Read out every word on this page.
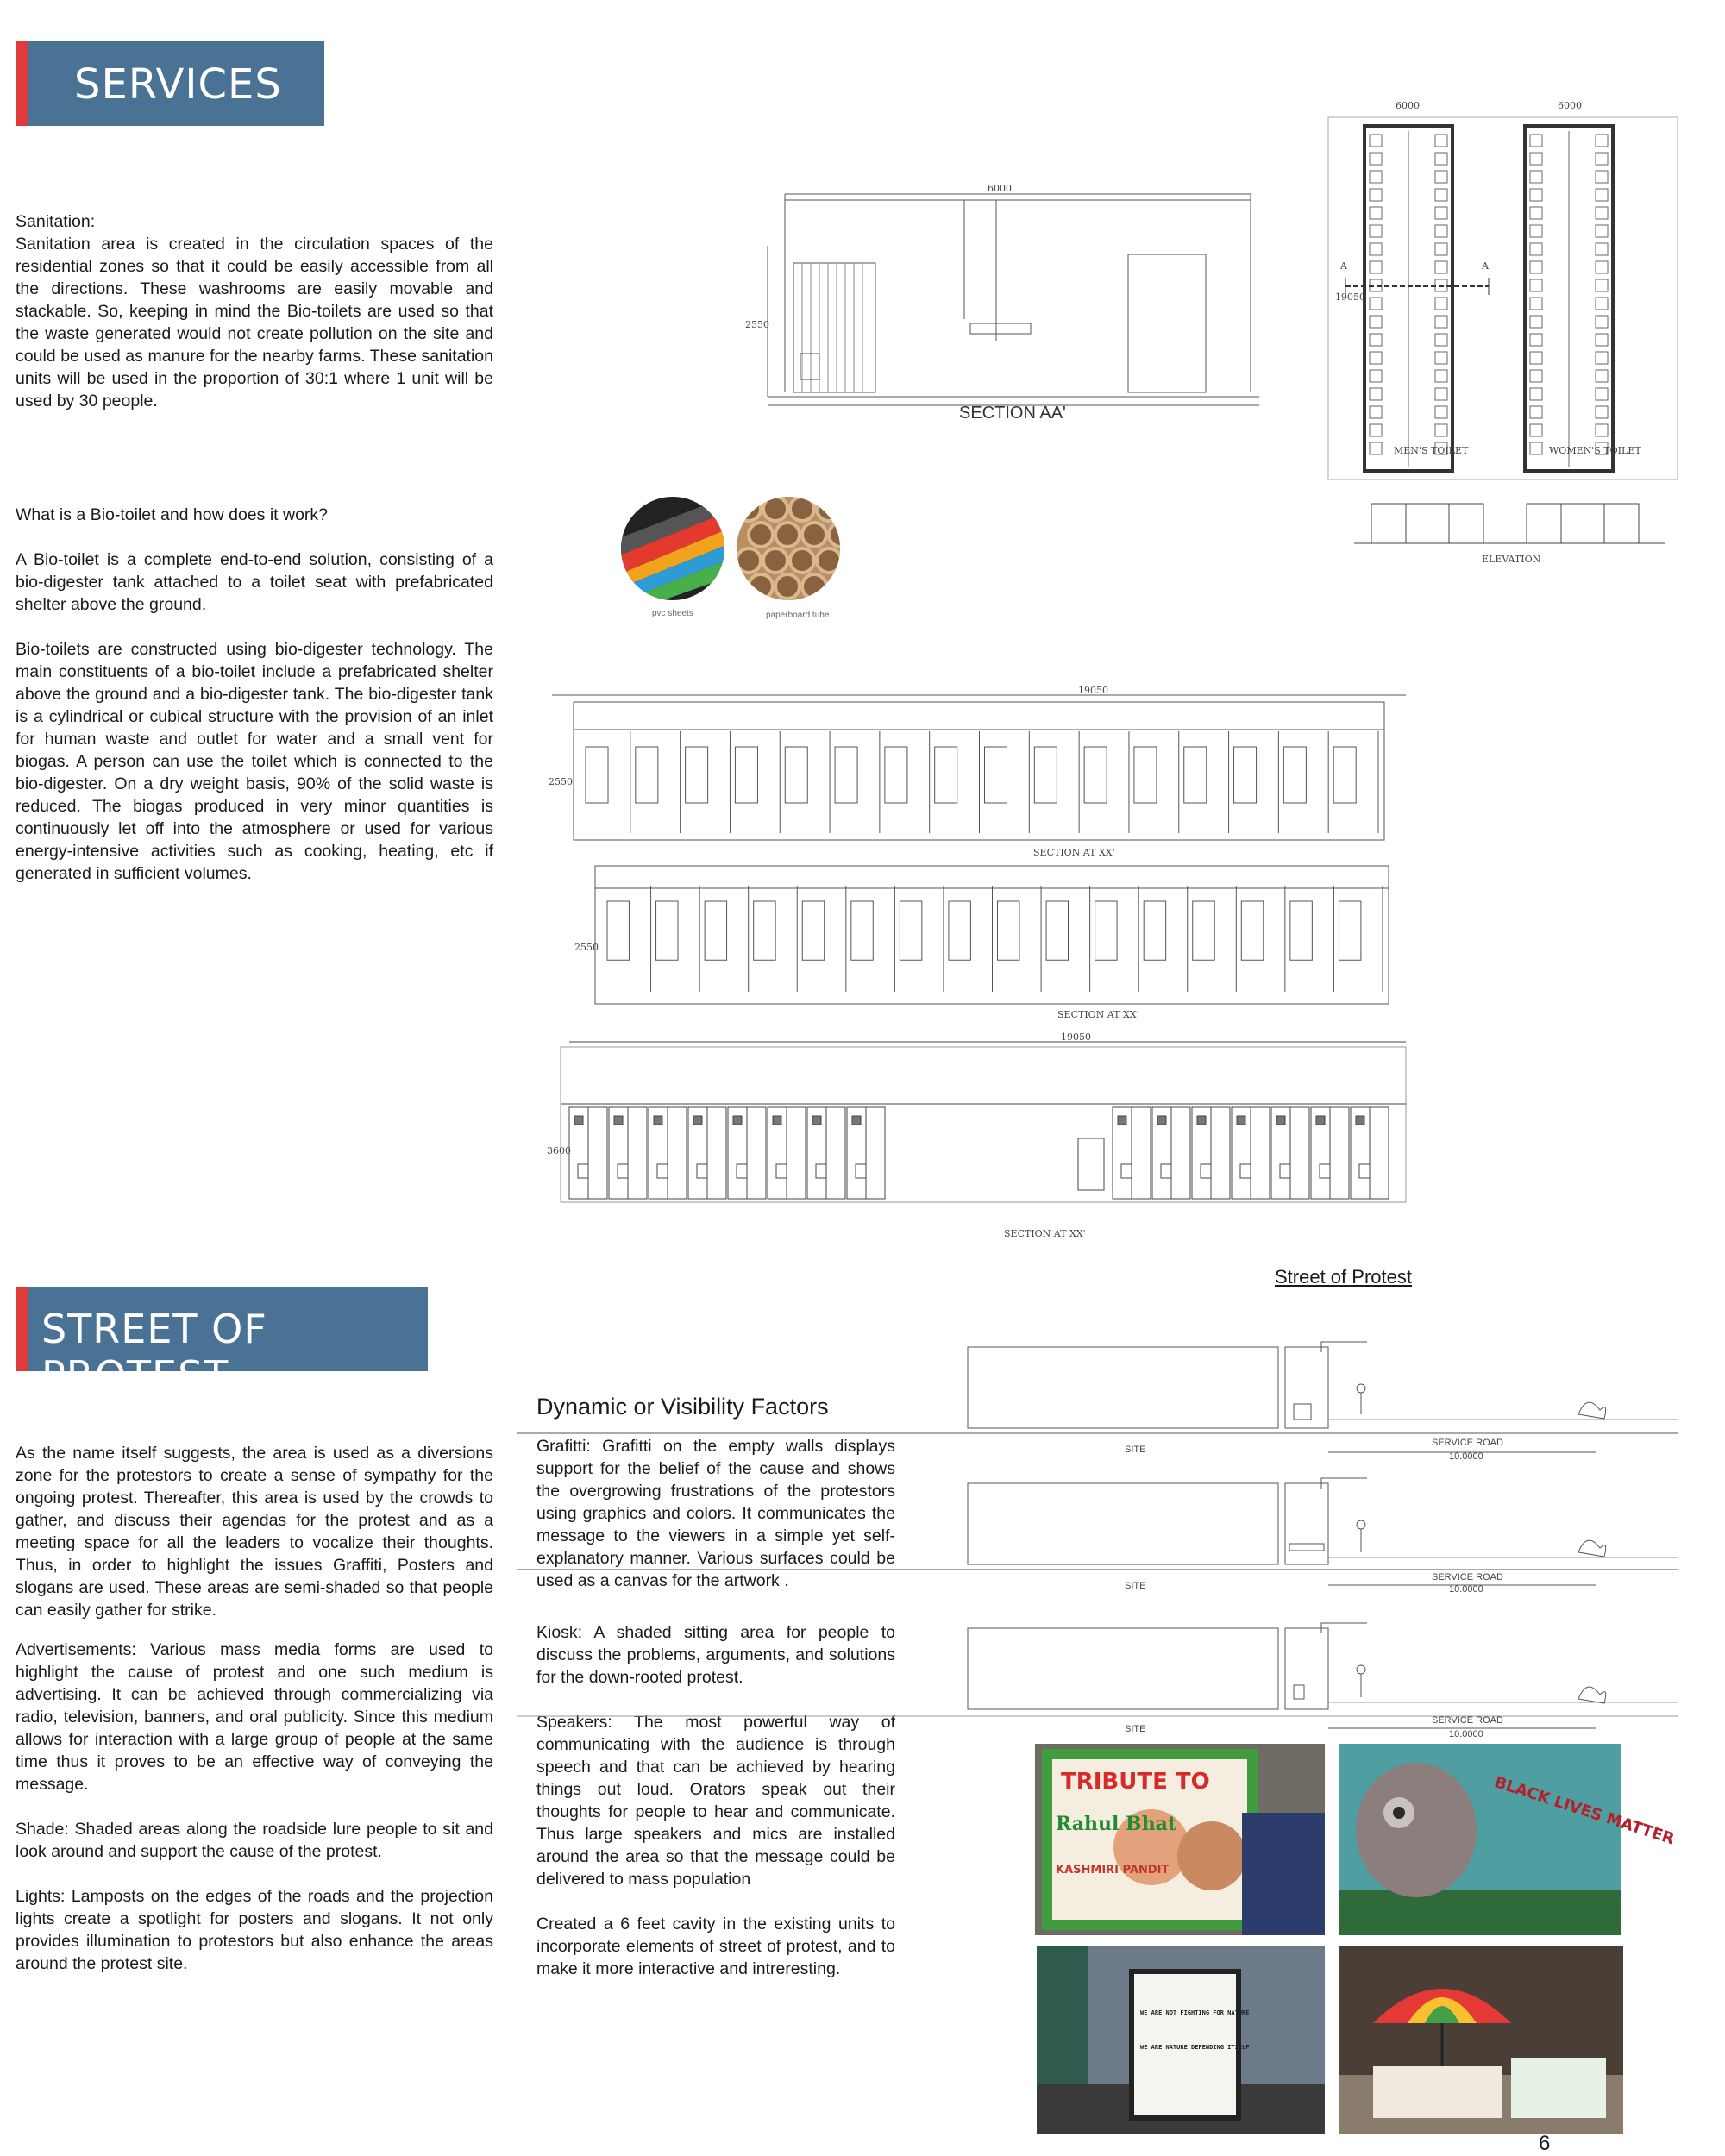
SERVICES
Sanitation:
Sanitation area is created in the circulation spaces of the residential zones so that it could be easily accessible from all the directions. These washrooms are easily movable and stackable. So, keeping in mind the Bio-toilets are used so that the waste generated would not create pollution on the site and could be used as manure for the nearby farms. These sanitation units will be used in the proportion of 30:1 where 1 unit will be used by 30 people.

What is a Bio-toilet and how does it work?

A Bio-toilet is a complete end-to-end solution, consisting of a bio-digester tank attached to a toilet seat with prefabricated shelter above the ground.

Bio-toilets are constructed using bio-digester technology. The main constituents of a bio-toilet include a prefabricated shelter above the ground and a bio-digester tank. The bio-digester tank is a cylindrical or cubical structure with the provision of an inlet for human waste and outlet for water and a small vent for biogas. A person can use the toilet which is connected to the bio-digester. On a dry weight basis, 90% of the solid waste is reduced. The biogas produced in very minor quantities is continuously let off into the atmosphere or used for various energy-intensive activities such as cooking, heating, etc if generated in sufficient volumes.

6000
2550
SECTION AA'
6000	6000
19050
A	A'
MEN'S TOILET	WOMEN'S TOILET
ELEVATION
pvc sheets	paperboard tube
19050
2550
SECTION AT XX'
2550
SECTION AT XX'
19050
3600
SECTION AT XX'
STREET OF PROTEST

As the name itself suggests, the area is used as a diversions zone for the protestors to create a sense of sympathy for the ongoing protest. Thereafter, this area is used by the crowds to gather, and discuss their agendas for the protest and as a meeting space for all the leaders to vocalize their thoughts. Thus, in order to highlight the issues Graffiti, Posters and slogans are used. These areas are semi-shaded so that people can easily gather for strike.

Advertisements: Various mass media forms are used to highlight the cause of protest and one such medium is advertising. It can be achieved through commercializing via radio, television, banners, and oral publicity. Since this medium allows for interaction with a large group of people at the same time thus it proves to be an effective way of conveying the message.

Shade: Shaded areas along the roadside lure people to sit and look around and support the cause of the protest.

Lights: Lamposts on the edges of the roads and the projection lights create a spotlight for posters and slogans. It not only provides illumination to protestors but also enhance the areas around the protest site.

Dynamic or Visibility Factors

Grafitti: Grafitti on the empty walls displays support for the belief of the cause and shows the overgrowing frustrations of the protestors using graphics and colors. It communicates the message to the viewers in a simple yet self-explanatory manner. Various surfaces could be used as a canvas for the artwork .

Kiosk: A shaded sitting area for people to discuss the problems, arguments, and solutions for the down-rooted protest.

Speakers: The most powerful way of communicating with the audience is through speech and that can be achieved by hearing things out loud. Orators speak out their thoughts for people to hear and communicate. Thus large speakers and mics are installed around the area so that the message could be delivered to mass population

Created a 6 feet cavity in the existing units to incorporate elements of street of protest, and to make it more interactive and intreresting.

Street of Protest
SITE
SERVICE ROAD
10.0000
SITE
SERVICE ROAD
10.0000
SITE
SERVICE ROAD
10.0000
TRIBUTE TO
Rahul Bhat
KASHMIRI PANDIT
BLACK LIVES MATTER
WE ARE NOT FIGHTING FOR NATURE
WE ARE NATURE DEFENDING ITSELF
6
